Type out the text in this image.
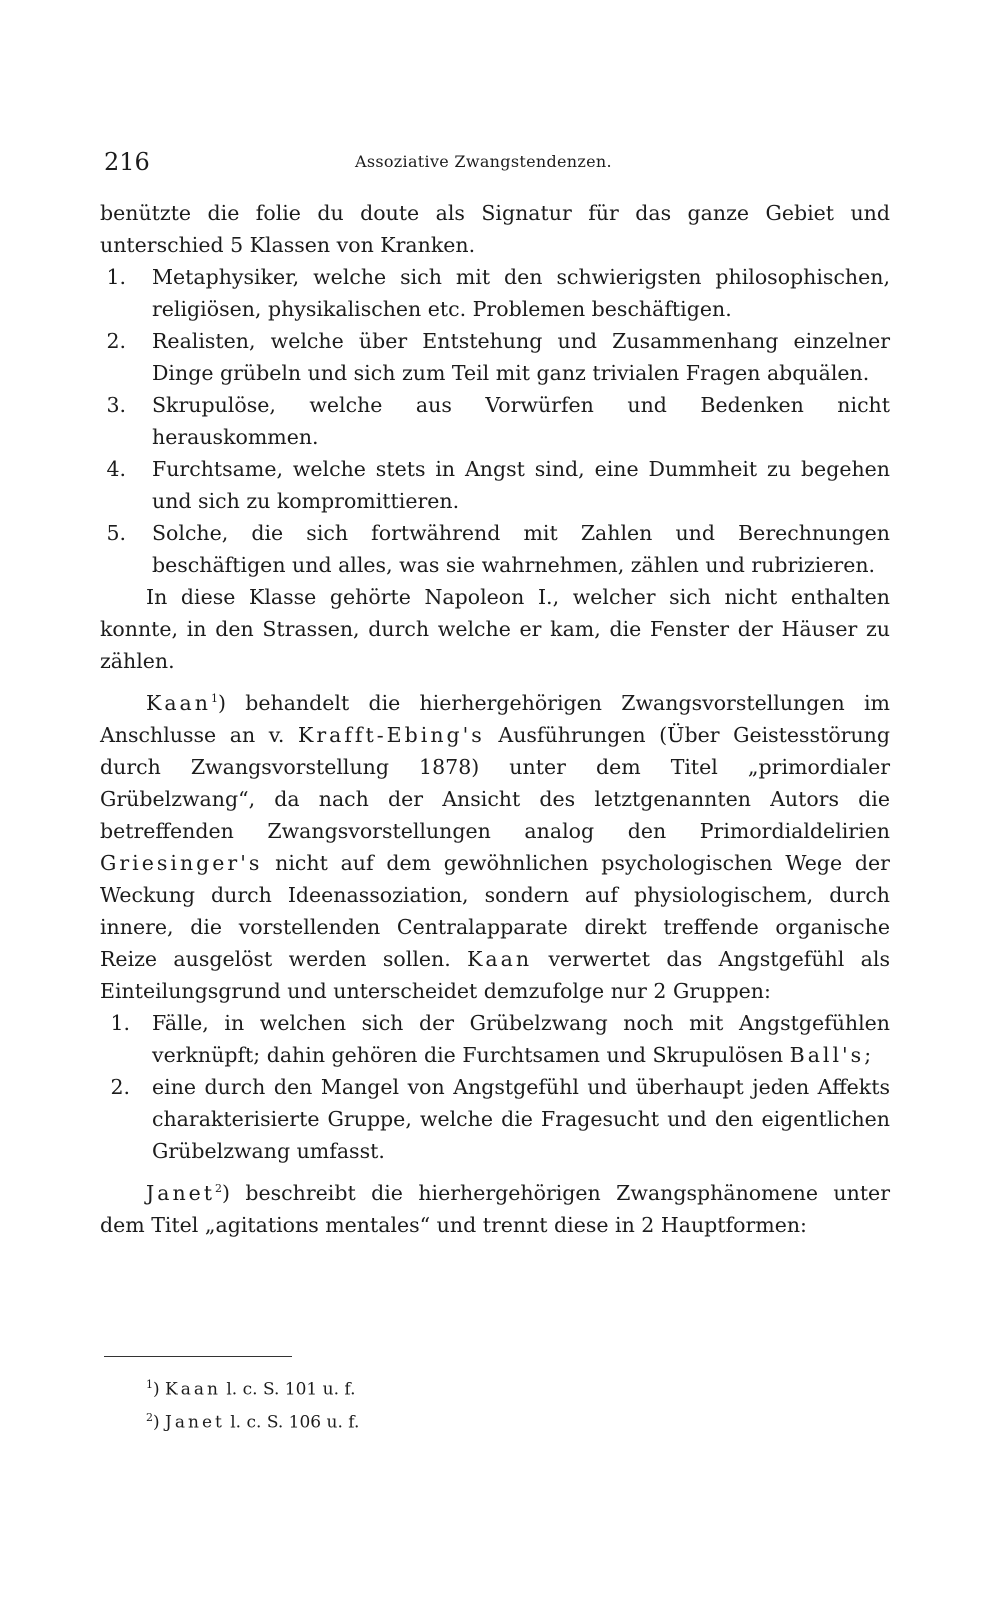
216	Assoziative Zwangstendenzen.

benützte die folie du doute als Signatur für das ganze Gebiet und unterschied 5 Klassen von Kranken.

1.	Metaphysiker, welche sich mit den schwierigsten philosophischen, religiösen, physikalischen etc. Problemen beschäftigen.
2.	Realisten, welche über Entstehung und Zusammenhang einzelner Dinge grübeln und sich zum Teil mit ganz trivialen Fragen abquälen.
3.	Skrupulöse, welche aus Vorwürfen und Bedenken nicht herauskommen.
4.	Furchtsame, welche stets in Angst sind, eine Dummheit zu begehen und sich zu kompromittieren.
5.	Solche, die sich fortwährend mit Zahlen und Berechnungen beschäftigen und alles, was sie wahrnehmen, zählen und rubrizieren.

In diese Klasse gehörte Napoleon I., welcher sich nicht enthalten konnte, in den Strassen, durch welche er kam, die Fenster der Häuser zu zählen.

Kaan$^1$) behandelt die hierhergehörigen Zwangsvorstellungen im Anschlusse an v. Krafft-Ebing's Ausführungen (Über Geistesstörung durch Zwangsvorstellung 1878) unter dem Titel „primordialer Grübelzwang“, da nach der Ansicht des letztgenannten Autors die betreffenden Zwangsvorstellungen analog den Primordialdelirien Griesinger's nicht auf dem gewöhnlichen psychologischen Wege der Weckung durch Ideenassoziation, sondern auf physiologischem, durch innere, die vorstellenden Centralapparate direkt treffende organische Reize ausgelöst werden sollen. Kaan verwertet das Angstgefühl als Einteilungsgrund und unterscheidet demzufolge nur 2 Gruppen:

1.	Fälle, in welchen sich der Grübelzwang noch mit Angstgefühlen verknüpft; dahin gehören die Furchtsamen und Skrupulösen Ball's;
2.	eine durch den Mangel von Angstgefühl und überhaupt jeden Affekts charakterisierte Gruppe, welche die Fragesucht und den eigentlichen Grübelzwang umfasst.

Janet$^2$) beschreibt die hierhergehörigen Zwangsphänomene unter dem Titel „agitations mentales“ und trennt diese in 2 Hauptformen:

$^1$) Kaan l. c. S. 101 u. f.
$^2$) Janet l. c. S. 106 u. f.
